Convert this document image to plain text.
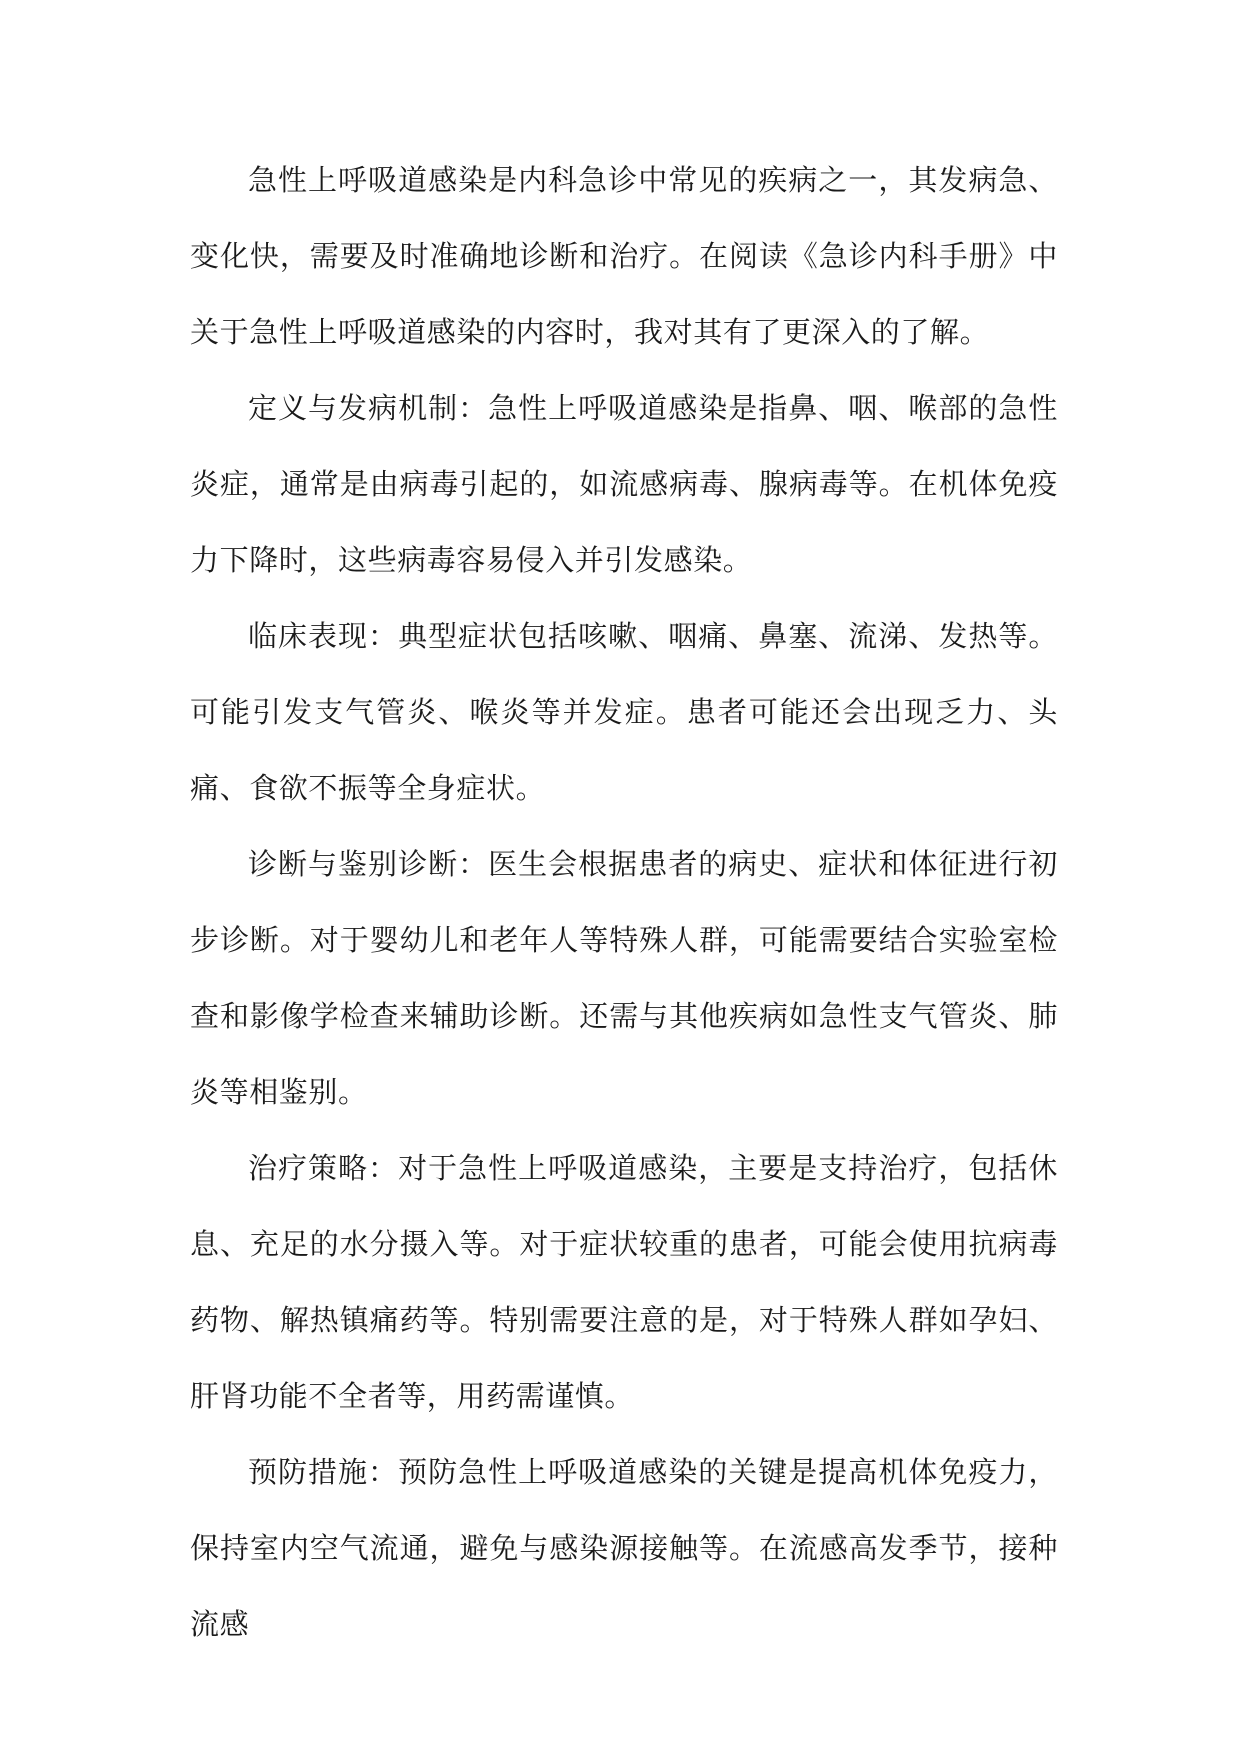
急性上呼吸道感染是内科急诊中常见的疾病之一，其发病急、变化快，需要及时准确地诊断和治疗。在阅读《急诊内科手册》中关于急性上呼吸道感染的内容时，我对其有了更深入的了解。

定义与发病机制：急性上呼吸道感染是指鼻、咽、喉部的急性炎症，通常是由病毒引起的，如流感病毒、腺病毒等。在机体免疫力下降时，这些病毒容易侵入并引发感染。

临床表现：典型症状包括咳嗽、咽痛、鼻塞、流涕、发热等。可能引发支气管炎、喉炎等并发症。患者可能还会出现乏力、头痛、食欲不振等全身症状。

诊断与鉴别诊断：医生会根据患者的病史、症状和体征进行初步诊断。对于婴幼儿和老年人等特殊人群，可能需要结合实验室检查和影像学检查来辅助诊断。还需与其他疾病如急性支气管炎、肺炎等相鉴别。

治疗策略：对于急性上呼吸道感染，主要是支持治疗，包括休息、充足的水分摄入等。对于症状较重的患者，可能会使用抗病毒药物、解热镇痛药等。特别需要注意的是，对于特殊人群如孕妇、肝肾功能不全者等，用药需谨慎。

预防措施：预防急性上呼吸道感染的关键是提高机体免疫力，保持室内空气流通，避免与感染源接触等。在流感高发季节，接种流感
